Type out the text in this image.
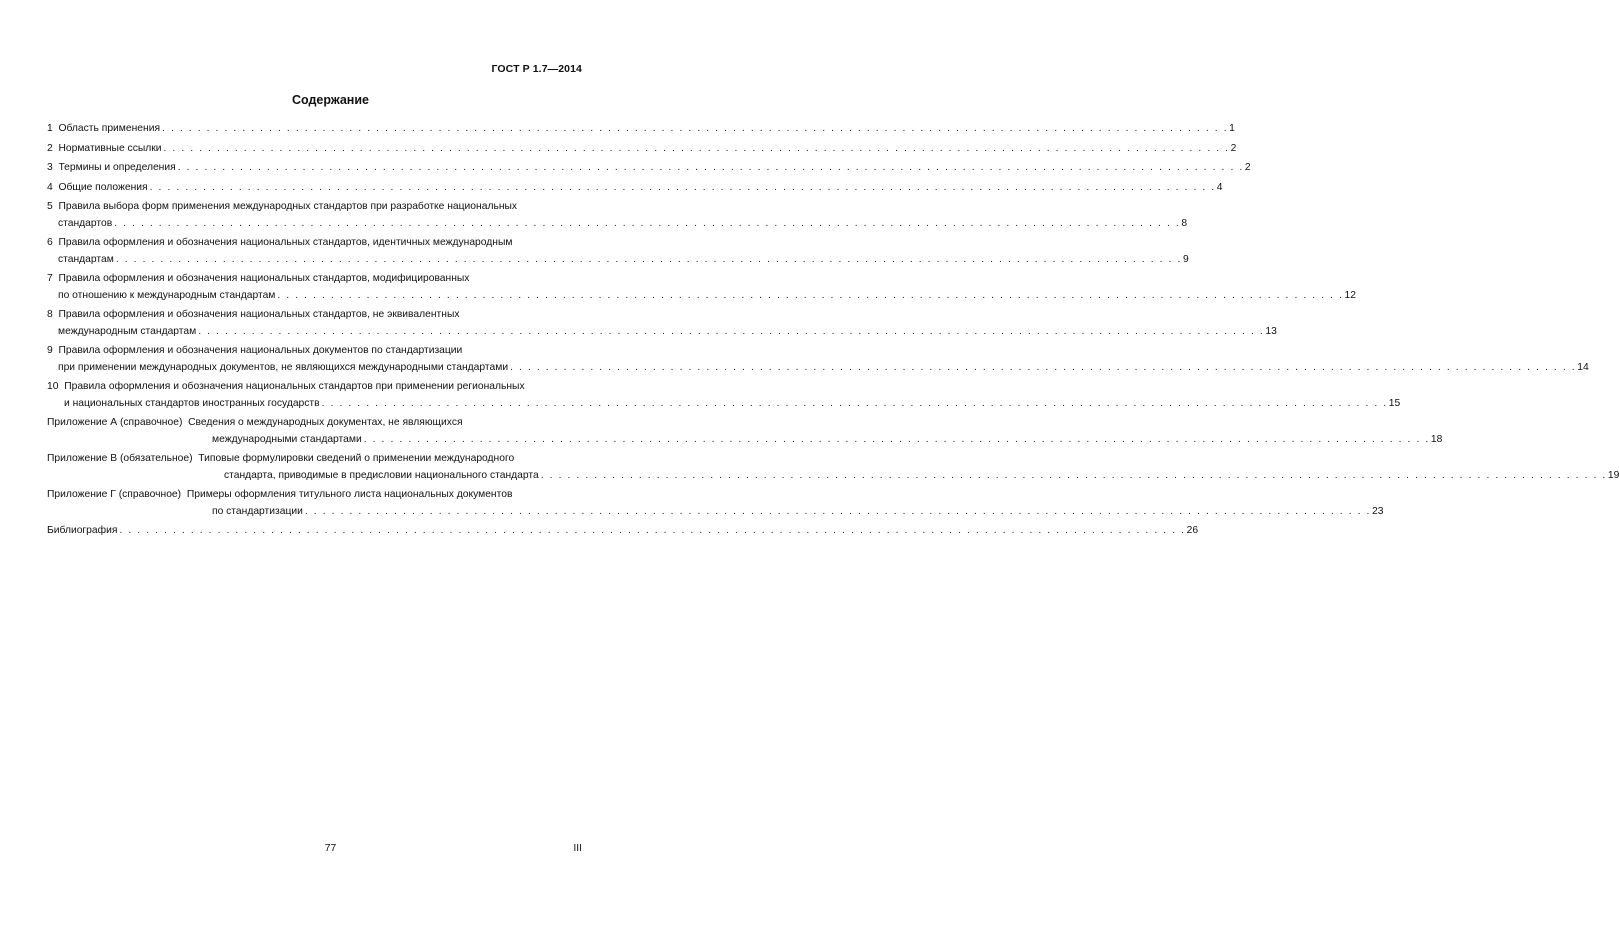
ГОСТ Р 1.7—2014
Содержание
1 Область применения . . . . . . . . . . . . . . . . . . . . . . . . . . . . . . . . . . . . . . . . . . . . . . . . . . . . . . . . . . . . . . . . . . . . . . . . . . . . . . . . . . . . . . . . . . . . . . . . . . . . . . . . . . . . . . . . . . . . . . . . 1
2 Нормативные ссылки . . . . . . . . . . . . . . . . . . . . . . . . . . . . . . . . . . . . . . . . . . . . . . . . . . . . . . . . . . . . . . . . . . . . . . . . . . . . . . . . . . . . . . . . . . . . . . . . . . . . . . . . . . . . . . . . . . . . . . . . 2
3 Термины и определения . . . . . . . . . . . . . . . . . . . . . . . . . . . . . . . . . . . . . . . . . . . . . . . . . . . . . . . . . . . . . . . . . . . . . . . . . . . . . . . . . . . . . . . . . . . . . . . . . . . . . . . . . . . . . . . . . . . . . . . . 2
4 Общие положения . . . . . . . . . . . . . . . . . . . . . . . . . . . . . . . . . . . . . . . . . . . . . . . . . . . . . . . . . . . . . . . . . . . . . . . . . . . . . . . . . . . . . . . . . . . . . . . . . . . . . . . . . . . . . . . . . . . . . . . . 4
5 Правила выбора форм применения международных стандартов при разработке национальных
стандартов . . . . . . . . . . . . . . . . . . . . . . . . . . . . . . . . . . . . . . . . . . . . . . . . . . . . . . . . . . . . . . . . . . . . . . . . . . . . . . . . . . . . . . . . . . . . . . . . . . . . . . . . . . . . . . . . . . . . . . . . 8
6 Правила оформления и обозначения национальных стандартов, идентичных международным
стандартам . . . . . . . . . . . . . . . . . . . . . . . . . . . . . . . . . . . . . . . . . . . . . . . . . . . . . . . . . . . . . . . . . . . . . . . . . . . . . . . . . . . . . . . . . . . . . . . . . . . . . . . . . . . . . . . . . . . . . . . . 9
7 Правила оформления и обозначения национальных стандартов, модифицированных
по отношению к международным стандартам . . . . . . . . . . . . . . . . . . . . . . . . . . . . . . . . . . . . . . . . . . . . . . . . . . . . . . . . . . . . . . . . . . . . . . . . . . . . . . . . . . . . . . . . . . . . . . . . . . . . . . . . . . . . . . . . . . . . . . . . 12
8 Правила оформления и обозначения национальных стандартов, не эквивалентных
международным стандартам . . . . . . . . . . . . . . . . . . . . . . . . . . . . . . . . . . . . . . . . . . . . . . . . . . . . . . . . . . . . . . . . . . . . . . . . . . . . . . . . . . . . . . . . . . . . . . . . . . . . . . . . . . . . . . . . . . . . . . . . 13
9 Правила оформления и обозначения национальных документов по стандартизации
при применении международных документов, не являющихся международными стандартами . . . . . . . . . . . . . . . . . . . . . . . . . . . . . . . . . . . . . . . . . . . . . . . . . . . . . . . . . . . . . . . . . . . . . . . . . . . . . . . . . . . . . . . . . . . . . . . . . . . . . . . . . . . . . . . . . . . . . . . . 14
10 Правила оформления и обозначения национальных стандартов при применении региональных
и национальных стандартов иностранных государств . . . . . . . . . . . . . . . . . . . . . . . . . . . . . . . . . . . . . . . . . . . . . . . . . . . . . . . . . . . . . . . . . . . . . . . . . . . . . . . . . . . . . . . . . . . . . . . . . . . . . . . . . . . . . . . . . . . . . . . . 15
Приложение А (справочное) Сведения о международных документах, не являющихся
международными стандартами . . . . . . . . . . . . . . . . . . . . . . . . . . . . . . . . . . . . . . . . . . . . . . . . . . . . . . . . . . . . . . . . . . . . . . . . . . . . . . . . . . . . . . . . . . . . . . . . . . . . . . . . . . . . . . . . . . . . . . . . 18
Приложение В (обязательное) Типовые формулировки сведений о применении международного
стандарта, приводимые в предисловии национального стандарта . . . . . . . . . . . . . . . . . . . . . . . . . . . . . . . . . . . . . . . . . . . . . . . . . . . . . . . . . . . . . . . . . . . . . . . . . . . . . . . . . . . . . . . . . . . . . . . . . . . . . . . . . . . . . . . . . . . . . . . . 19
Приложение Г (справочное) Примеры оформления титульного листа национальных документов
по стандартизации . . . . . . . . . . . . . . . . . . . . . . . . . . . . . . . . . . . . . . . . . . . . . . . . . . . . . . . . . . . . . . . . . . . . . . . . . . . . . . . . . . . . . . . . . . . . . . . . . . . . . . . . . . . . . . . . . . . . . . . . 23
Библиография . . . . . . . . . . . . . . . . . . . . . . . . . . . . . . . . . . . . . . . . . . . . . . . . . . . . . . . . . . . . . . . . . . . . . . . . . . . . . . . . . . . . . . . . . . . . . . . . . . . . . . . . . . . . . . . . . . . . . . . . 26
77	III
